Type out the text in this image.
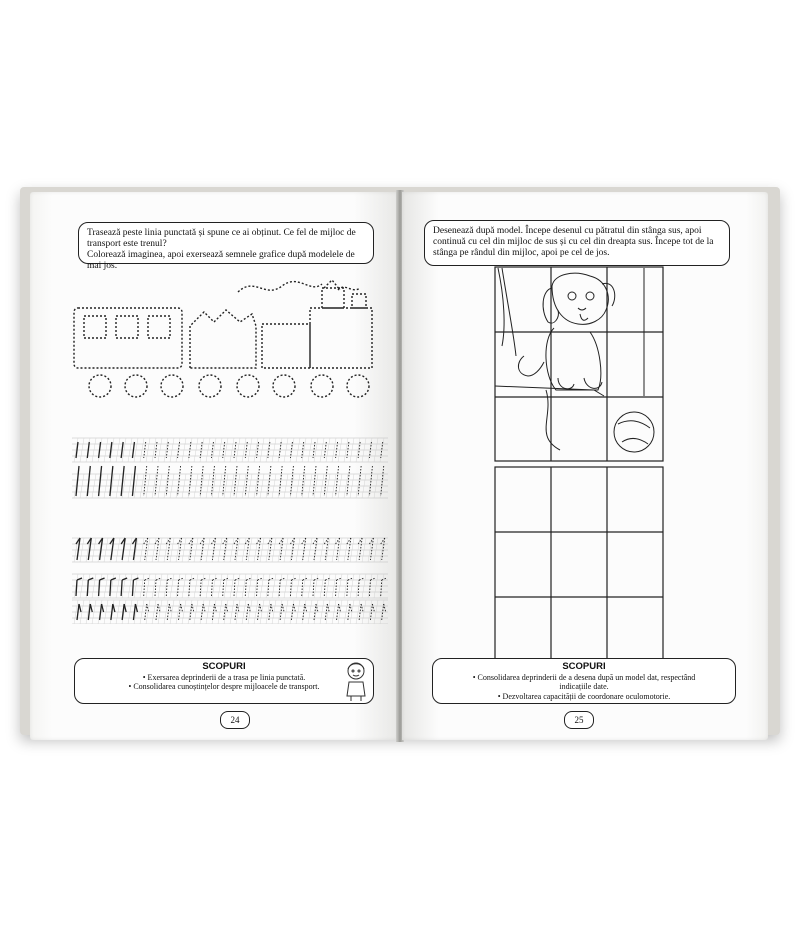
Trasează peste linia punctată și spune ce ai obținut. Ce fel de mijloc de transport este trenul?

Colorează imaginea, apoi exersează semnele grafice după modelele de mai jos.

SCOPURI

• Exersarea deprinderii de a trasa pe linia punctată.

• Consolidarea cunoștințelor despre mijloacele de transport.

24

Desenează după model. Începe desenul cu pătratul din stânga sus, apoi continuă cu cel din mijloc de sus și cu cel din dreapta sus. Începe tot de la stânga pe rândul din mijloc, apoi pe cel de jos.

SCOPURI

• Consolidarea deprinderii de a desena după un model dat, respectând indicațiile date.

• Dezvoltarea capacității de coordonare oculomotorie.

25
